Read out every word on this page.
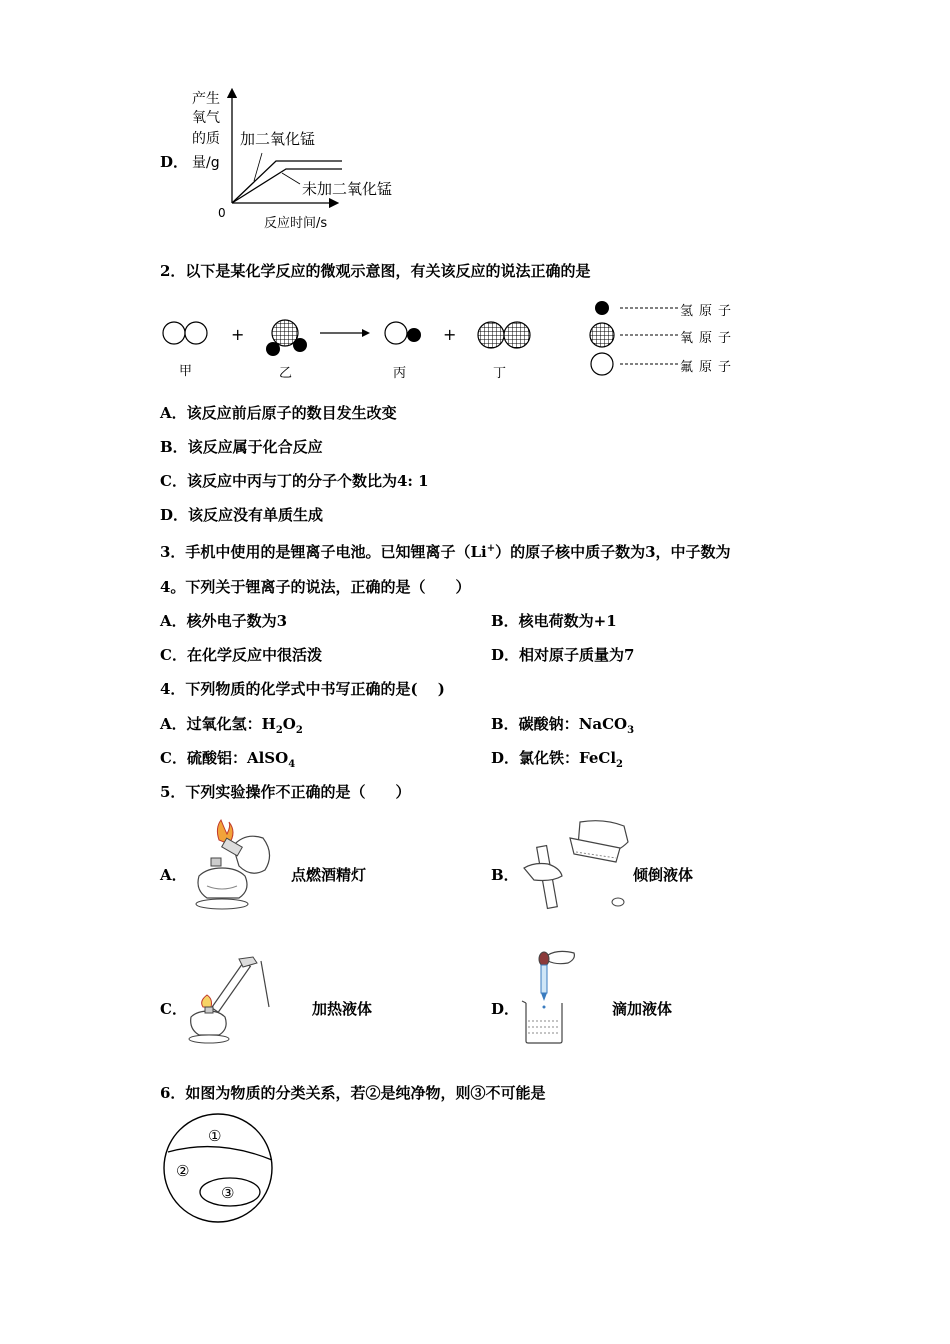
D．
产生
氧气
的质
量/g
0
反应时间/s
加二氧化锰
未加二氧化锰
2．以下是某化学反应的微观示意图，有关该反应的说法正确的是
+	+
甲	乙	丙	丁
氢原子
氧原子
氟原子
A．该反应前后原子的数目发生改变
B．该反应属于化合反应
C．该反应中丙与丁的分子个数比为4: 1
D．该反应没有单质生成
3．手机中使用的是锂离子电池。已知锂离子（Li+）的原子核中质子数为3，中子数为
4。下列关于锂离子的说法，正确的是（　　）
A．核外电子数为3	B．核电荷数为+1
C．在化学反应中很活泼	D．相对原子质量为7
4．下列物质的化学式中书写正确的是(　 )
A．过氧化氢：$H_2O_2$	B．碳酸钠：NaCO$_3$
C．硫酸铝：AlSO$_4$	D．氯化铁：FeCl$_2$
5．下列实验操作不正确的是（　　）
A．	点燃酒精灯	B．	倾倒液体
C．	加热液体	D．	滴加液体
6．如图为物质的分类关系，若②是纯净物，则③不可能是
①
②
③
